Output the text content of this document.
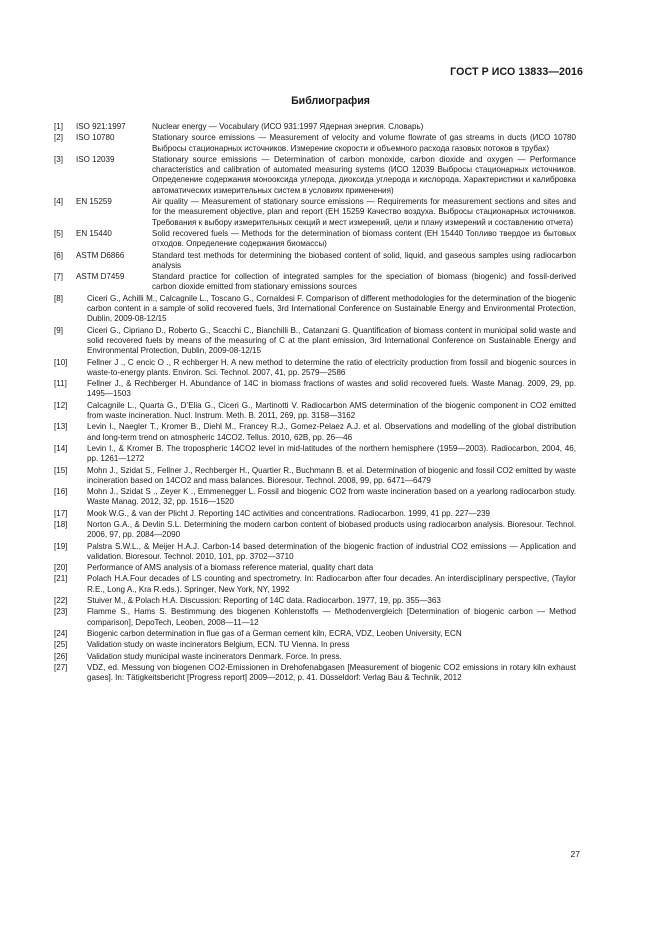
ГОСТ Р ИСО 13833—2016
Библиография
[1]	ISO 921:1997	Nuclear energy — Vocabulary (ИСО 931:1997 Ядерная энергия. Словарь)
[2]	ISO 10780	Stationary source emissions — Measurement of velocity and volume flowrate of gas streams in ducts (ИСО 10780 Выбросы стационарных источников. Измерение скорости и объемного расхода газовых потоков в трубах)
[3]	ISO 12039	Stationary source emissions — Determination of carbon monoxide, carbon dioxide and oxygen — Performance characteristics and calibration of automated measuring systems (ИСО 12039 Выбросы стационарных источников. Определение содержания монооксида углерода, диоксида углерода и кислорода. Характеристики и калибровка автоматических измерительных систем в условиях применения)
[4]	EN 15259	Air quality — Measurement of stationary source emissions — Requirements for measurement sections and sites and for the measurement objective, plan and report (ЕН 15259 Качество воздуха. Выбросы стационарных источников. Требования к выбору измерительных секций и мест измерений, цели и плану измерений и составлению отчета)
[5]	EN 15440	Solid recovered fuels — Methods for the determination of biomass content (ЕН 15440 Топливо твердое из бытовых отходов. Определение содержания биомассы)
[6]	ASTM D6866	Standard test methods for determining the biobased content of solid, liquid, and gaseous samples using radiocarbon analysis
[7]	ASTM D7459	Standard practice for collection of integrated samples for the speciation of biomass (biogenic) and fossil-derived carbon dioxide emitted from stationary emissions sources
[8]	Ciceri G., Achilli M., Calcagnile L., Toscano G., Cornaldesi F. Comparison of different methodologies for the determination of the biogenic carbon content in a sample of solid recovered fuels, 3rd International Conference on Sustainable Energy and Environmental Protection, Dublin, 2009-08-12/15
[9]	Ciceri G., Cipriano D., Roberto G., Scacchi C., Bianchilli B., Catanzani G. Quantification of biomass content in municipal solid waste and solid recovered fuels by means of the measuring of C at the plant emission, 3rd International Conference on Sustainable Energy and Environmental Protection, Dublin, 2009-08-12/15
[10]	Fellner J ., C encic O ., R echberger H. A new method to determine the ratio of electricity production from fossil and biogenic sources in waste-to-energy plants. Environ. Sci. Technol. 2007, 41, pp. 2579—2586
[11]	Fellner J., & Rechberger H. Abundance of 14C in biomass fractions of wastes and solid recovered fuels. Waste Manag. 2009, 29, pp. 1495—1503
[12]	Calcagnile L., Quarta G., D’Elia G., Ciceri G., Martinotti V. Radiocarbon AMS determination of the biogenic component in CO2 emitted from waste incineration. Nucl. Instrum. Meth. B. 2011, 269, pp. 3158—3162
[13]	Levin I., Naegler T., Kromer B., Diehl M., Francey R.J., Gomez-Pelaez A.J. et al. Observations and modelling of the global distribution and long-term trend on atmospheric 14CO2. Tellus. 2010, 62B, pp. 26—46
[14]	Levin I., & Kromer B. The tropospheric 14CO2 level in mid-latitudes of the northern hemisphere (1959—2003). Radiocarbon, 2004, 46, pp. 1261—1272
[15]	Mohn J., Szidat S., Fellner J., Rechberger H., Quartier R., Buchmann B. et al. Determination of biogenic and fossil CO2 emitted by waste incineration based on 14CO2 and mass balances. Bioresour. Technol. 2008, 99, pp. 6471—6479
[16]	Mohn J., Szidat S ., Zeyer K ., Emmenegger L. Fossil and biogenic CO2 from waste incineration based on a yearlong radiocarbon study. Waste Manag. 2012, 32, pp. 1516—1520
[17]	Mook W.G., & van der Plicht J. Reporting 14C activities and concentrations. Radiocarbon. 1999, 41 pp. 227—239
[18]	Norton G.A., & Devlin S.L. Determining the modern carbon content of biobased products using radiocarbon analysis. Bioresour. Technol. 2006, 97, pp. 2084—2090
[19]	Palstra S.W.L., & Meijer H.A.J. Carbon-14 based determination of the biogenic fraction of industrial CO2 emissions — Application and validation. Bioresour. Technol. 2010, 101, pp. 3702—3710
[20]	Performance of AMS analysis of a biomass reference material, quality chart data
[21]	Polach H.A.Four decades of LS counting and spectrometry. In: Radiocarbon after four decades. An interdisciplinary perspective, (Taylor R.E., Long A., Kra R.eds.). Springer, New York, NY, 1992
[22]	Stuiver M., & Polach H.A. Discussion: Reporting of 14C data. Radiocarbon. 1977, 19, pp. 355—363
[23]	Flamme S., Hams S. Bestimmung des biogenen Kohlenstoffs — Methodenvergleich [Determination of biogenic carbon — Method comparison], DepoTech, Leoben, 2008—11—12
[24]	Biogenic carbon determination in flue gas of a German cement kiln, ECRA, VDZ, Leoben University, ECN
[25]	Validation study on waste incinerators Belgium, ECN. TU Vienna. In press
[26]	Validation study municipal waste incinerators Denmark. Force. In press.
[27]	VDZ, ed. Messung von biogenen CO2-Emissionen in Drehofenabgasen [Measurement of biogenic CO2 emissions in rotary kiln exhaust gases]. In: Tätigkeitsbericht [Progress report] 2009—2012, p. 41. Düsseldorf: Verlag Bau & Technik, 2012
27
